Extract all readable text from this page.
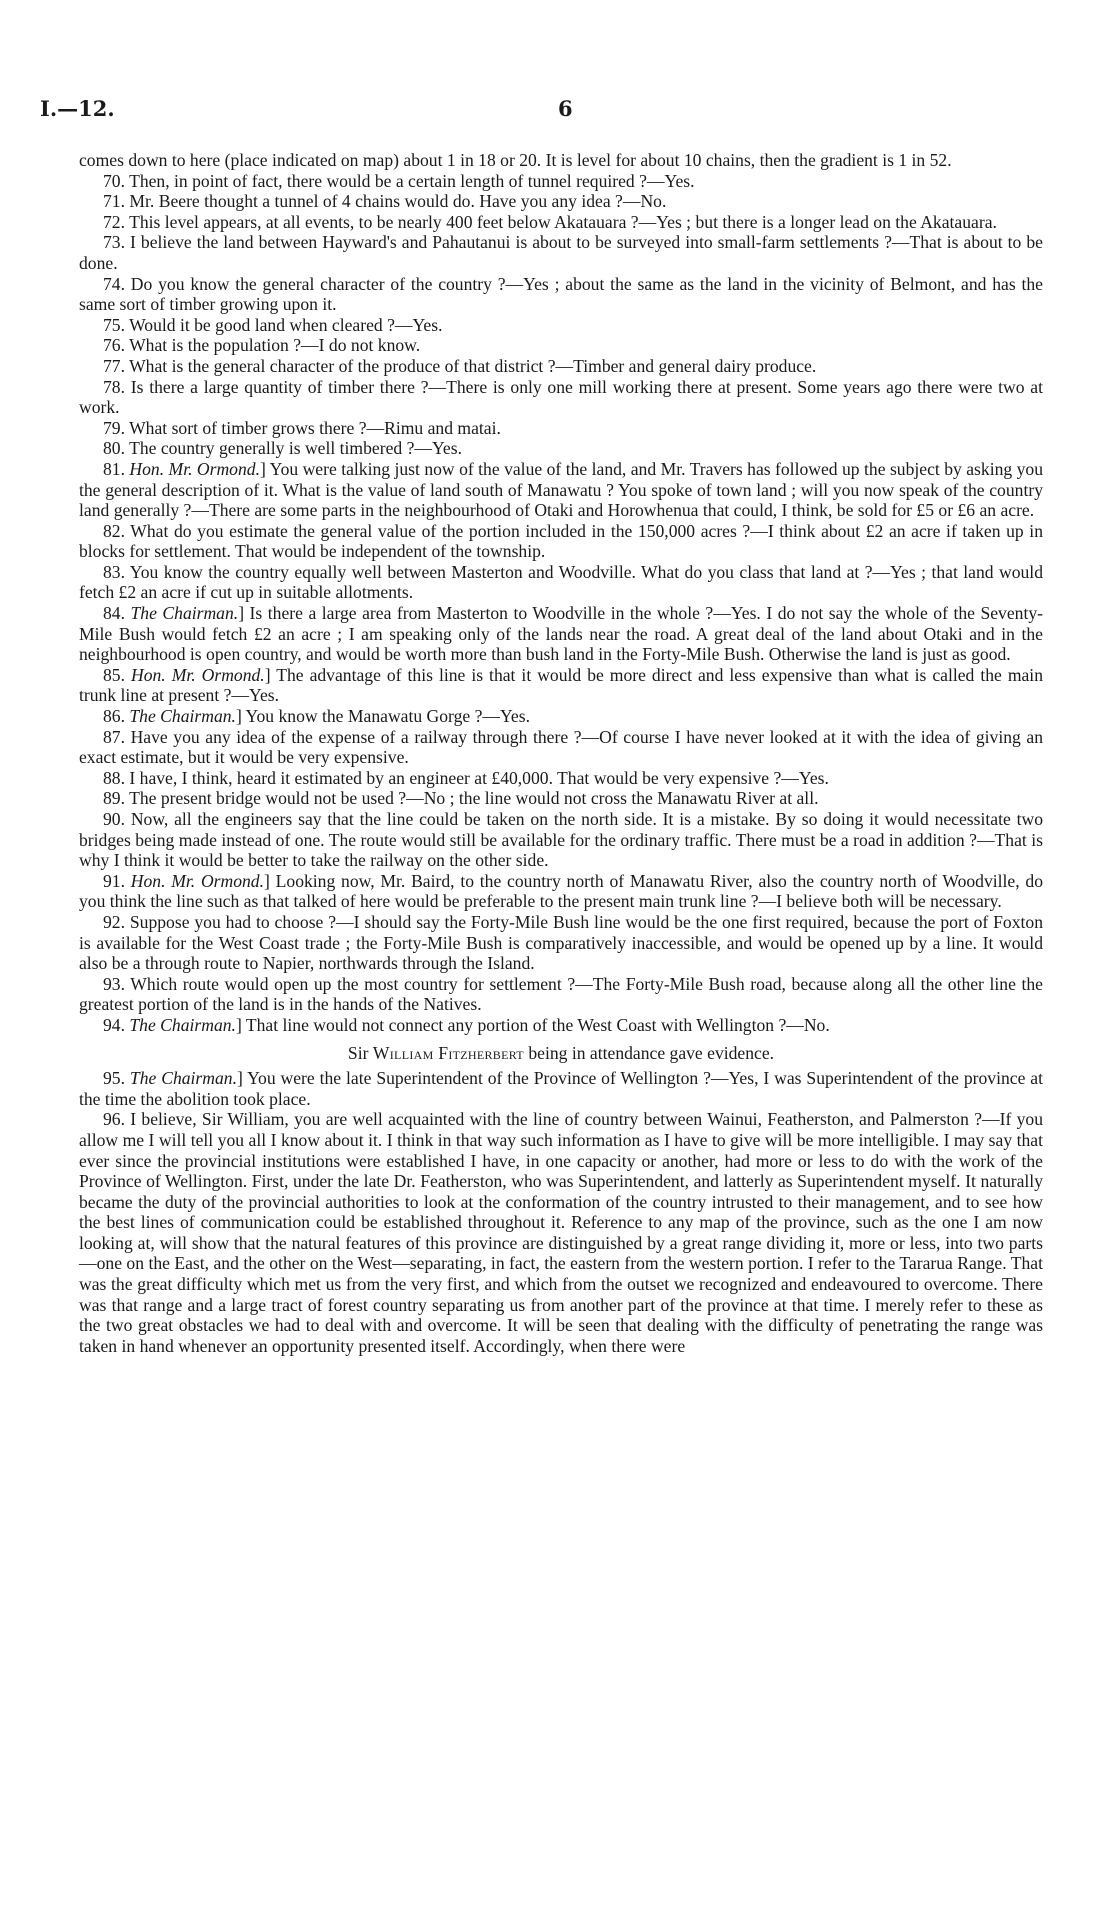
I.—12.	6

comes down to here (place indicated on map) about 1 in 18 or 20. It is level for about 10 chains, then the gradient is 1 in 52.

70. Then, in point of fact, there would be a certain length of tunnel required ?—Yes.

71. Mr. Beere thought a tunnel of 4 chains would do. Have you any idea ?—No.

72. This level appears, at all events, to be nearly 400 feet below Akatauara ?—Yes ; but there is a longer lead on the Akatauara.

73. I believe the land between Hayward's and Pahautanui is about to be surveyed into small-farm settlements ?—That is about to be done.

74. Do you know the general character of the country ?—Yes ; about the same as the land in the vicinity of Belmont, and has the same sort of timber growing upon it.

75. Would it be good land when cleared ?—Yes.

76. What is the population ?—I do not know.

77. What is the general character of the produce of that district ?—Timber and general dairy produce.

78. Is there a large quantity of timber there ?—There is only one mill working there at present. Some years ago there were two at work.

79. What sort of timber grows there ?—Rimu and matai.

80. The country generally is well timbered ?—Yes.

81. Hon. Mr. Ormond.] You were talking just now of the value of the land, and Mr. Travers has followed up the subject by asking you the general description of it. What is the value of land south of Manawatu ? You spoke of town land ; will you now speak of the country land generally ?—There are some parts in the neighbourhood of Otaki and Horowhenua that could, I think, be sold for £5 or £6 an acre.

82. What do you estimate the general value of the portion included in the 150,000 acres ?—I think about £2 an acre if taken up in blocks for settlement. That would be independent of the township.

83. You know the country equally well between Masterton and Woodville. What do you class that land at ?—Yes ; that land would fetch £2 an acre if cut up in suitable allotments.

84. The Chairman.] Is there a large area from Masterton to Woodville in the whole ?—Yes. I do not say the whole of the Seventy-Mile Bush would fetch £2 an acre ; I am speaking only of the lands near the road. A great deal of the land about Otaki and in the neighbourhood is open country, and would be worth more than bush land in the Forty-Mile Bush. Otherwise the land is just as good.

85. Hon. Mr. Ormond.] The advantage of this line is that it would be more direct and less expensive than what is called the main trunk line at present ?—Yes.

86. The Chairman.] You know the Manawatu Gorge ?—Yes.

87. Have you any idea of the expense of a railway through there ?—Of course I have never looked at it with the idea of giving an exact estimate, but it would be very expensive.

88. I have, I think, heard it estimated by an engineer at £40,000. That would be very expensive ?—Yes.

89. The present bridge would not be used ?—No ; the line would not cross the Manawatu River at all.

90. Now, all the engineers say that the line could be taken on the north side. It is a mistake. By so doing it would necessitate two bridges being made instead of one. The route would still be available for the ordinary traffic. There must be a road in addition ?—That is why I think it would be better to take the railway on the other side.

91. Hon. Mr. Ormond.] Looking now, Mr. Baird, to the country north of Manawatu River, also the country north of Woodville, do you think the line such as that talked of here would be preferable to the present main trunk line ?—I believe both will be necessary.

92. Suppose you had to choose ?—I should say the Forty-Mile Bush line would be the one first required, because the port of Foxton is available for the West Coast trade ; the Forty-Mile Bush is comparatively inaccessible, and would be opened up by a line. It would also be a through route to Napier, northwards through the Island.

93. Which route would open up the most country for settlement ?—The Forty-Mile Bush road, because along all the other line the greatest portion of the land is in the hands of the Natives.

94. The Chairman.] That line would not connect any portion of the West Coast with Wellington ?—No.

Sir William Fitzherbert being in attendance gave evidence.

95. The Chairman.] You were the late Superintendent of the Province of Wellington ?—Yes, I was Superintendent of the province at the time the abolition took place.

96. I believe, Sir William, you are well acquainted with the line of country between Wainui, Featherston, and Palmerston ?—If you allow me I will tell you all I know about it. I think in that way such information as I have to give will be more intelligible. I may say that ever since the provincial institutions were established I have, in one capacity or another, had more or less to do with the work of the Province of Wellington. First, under the late Dr. Featherston, who was Superintendent, and latterly as Superintendent myself. It naturally became the duty of the provincial authorities to look at the conformation of the country intrusted to their management, and to see how the best lines of communication could be established throughout it. Reference to any map of the province, such as the one I am now looking at, will show that the natural features of this province are distinguished by a great range dividing it, more or less, into two parts—one on the East, and the other on the West—separating, in fact, the eastern from the western portion. I refer to the Tararua Range. That was the great difficulty which met us from the very first, and which from the outset we recognized and endeavoured to overcome. There was that range and a large tract of forest country separating us from another part of the province at that time. I merely refer to these as the two great obstacles we had to deal with and overcome. It will be seen that dealing with the difficulty of penetrating the range was taken in hand whenever an opportunity presented itself. Accordingly, when there were
